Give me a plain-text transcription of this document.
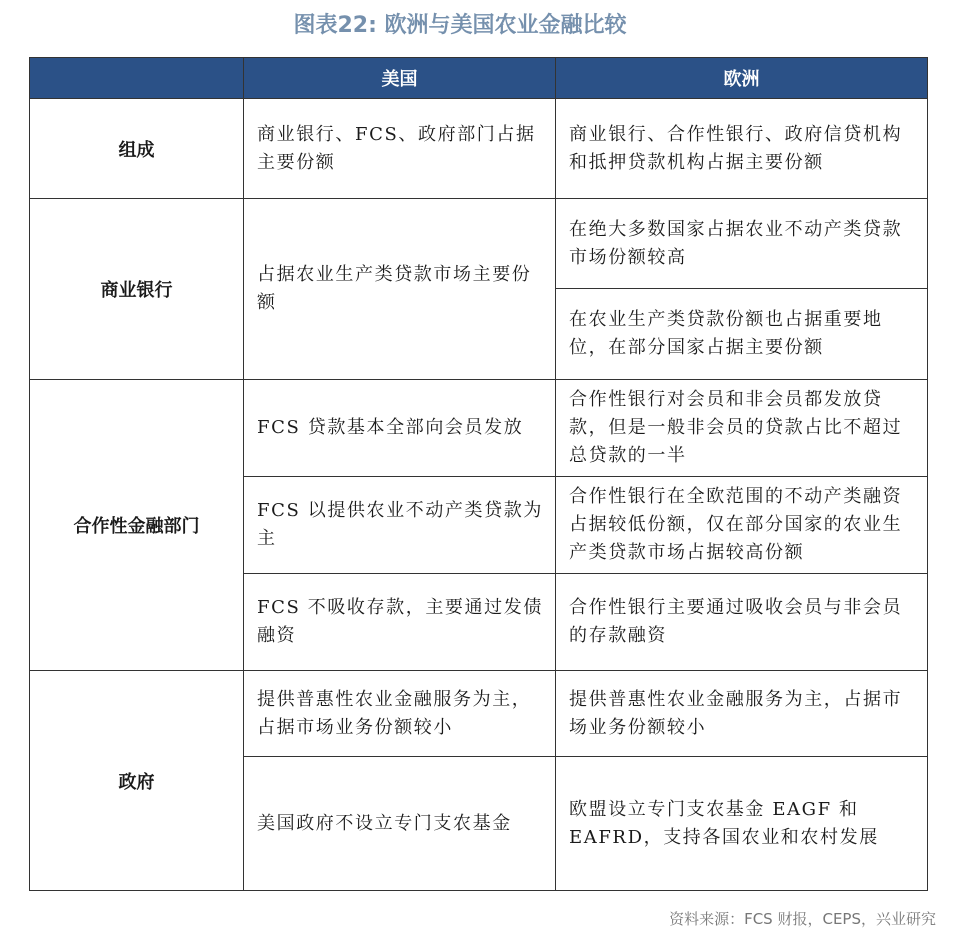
图表22: 欧洲与美国农业金融比较
	美国	欧洲
组成	商业银行、FCS、政府部门占据主要份额	商业银行、合作性银行、政府信贷机构和抵押贷款机构占据主要份额
商业银行	占据农业生产类贷款市场主要份额	在绝大多数国家占据农业不动产类贷款市场份额较高
		在农业生产类贷款份额也占据重要地位，在部分国家占据主要份额
合作性金融部门	FCS 贷款基本全部向会员发放	合作性银行对会员和非会员都发放贷款，但是一般非会员的贷款占比不超过总贷款的一半
	FCS 以提供农业不动产类贷款为主	合作性银行在全欧范围的不动产类融资占据较低份额，仅在部分国家的农业生产类贷款市场占据较高份额
	FCS 不吸收存款，主要通过发债融资	合作性银行主要通过吸收会员与非会员的存款融资
政府	提供普惠性农业金融服务为主，占据市场业务份额较小	提供普惠性农业金融服务为主，占据市场业务份额较小
	美国政府不设立专门支农基金	欧盟设立专门支农基金 EAGF 和 EAFRD，支持各国农业和农村发展
资料来源：FCS 财报，CEPS，兴业研究
